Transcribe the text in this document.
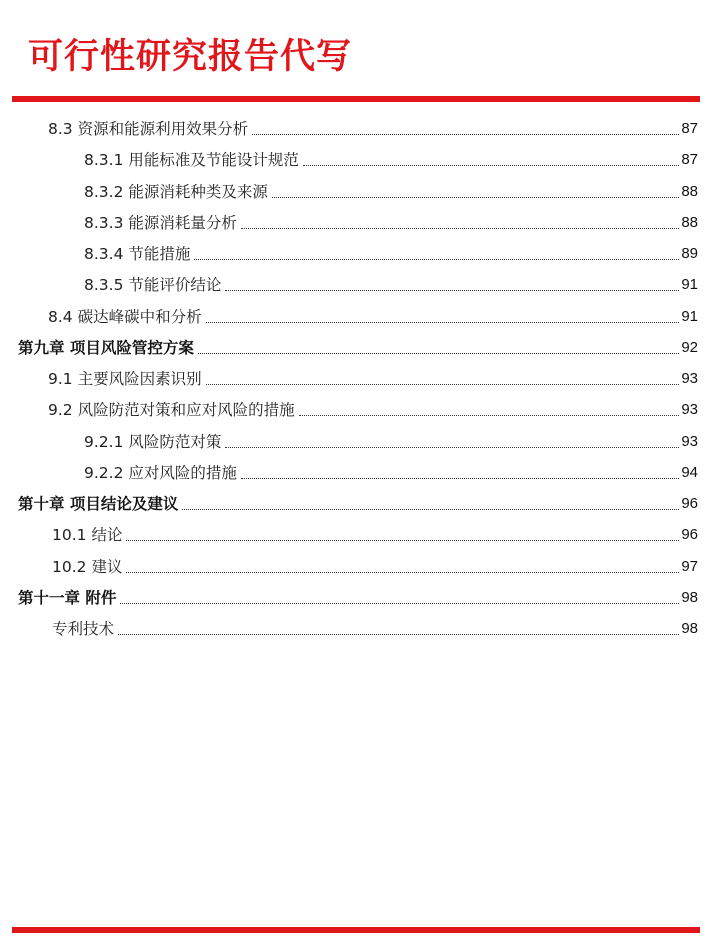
可行性研究报告代写
8.3 资源和能源利用效果分析	87
8.3.1 用能标准及节能设计规范	87
8.3.2 能源消耗种类及来源	88
8.3.3 能源消耗量分析	88
8.3.4 节能措施	89
8.3.5 节能评价结论	91
8.4 碳达峰碳中和分析	91
第九章 项目风险管控方案	92
9.1 主要风险因素识别	93
9.2 风险防范对策和应对风险的措施	93
9.2.1 风险防范对策	93
9.2.2 应对风险的措施	94
第十章 项目结论及建议	96
10.1 结论	96
10.2 建议	97
第十一章 附件	98
专利技术	98
